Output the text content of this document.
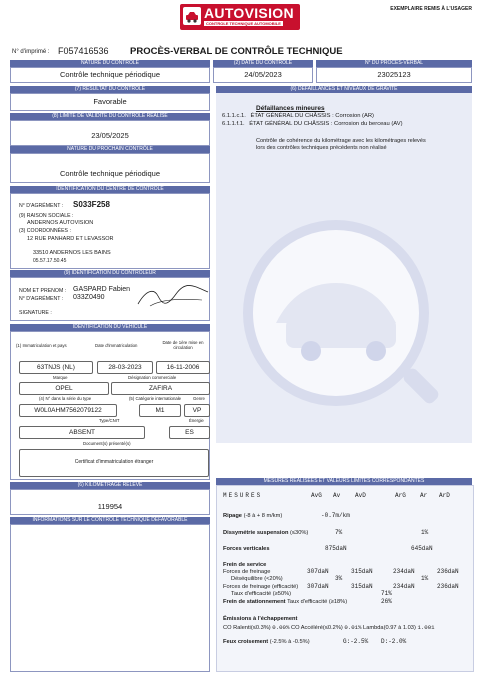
AUTOVISION
CONTROLE TECHNIQUE AUTOMOBILE
EXEMPLAIRE REMIS À L'USAGER
N° d'imprimé : F057416536 PROCÈS-VERBAL DE CONTRÔLE TECHNIQUE
NATURE DU CONTRÔLE
Contrôle technique périodique
(2) DATE DU CONTRÔLE
24/05/2023
N° DU PROCÈS-VERBAL
23025123
(7) RÉSULTAT DU CONTRÔLE
Favorable
(8) LIMITE DE VALIDITÉ DU CONTRÔLE RÉALISÉ
23/05/2025
NATURE DU PROCHAIN CONTRÔLE
Contrôle technique périodique
IDENTIFICATION DU CENTRE DE CONTRÔLE
N° D'AGRÉMENT : S033F258
(9) RAISON SOCIALE :
ANDERNOS AUTOVISION
(3) COORDONNÉES :
12 RUE PANHARD ET LEVASSOR
33510 ANDERNOS LES BAINS
05.57.17.50.45
(9) IDENTIFICATION DU CONTRÔLEUR
NOM ET PRENOM : GASPARD Fabien
N° D'AGRÉMENT : 033Z0490
SIGNATURE :
IDENTIFICATION DU VÉHICULE
(1) Immatriculation et pays	Date d'immatriculation
Date de 1ère mise en circulation
63TNJS (NL)	28-03-2023	16-11-2006
Marque	Désignation commerciale
OPEL	ZAFIRA
(4) N° dans la série du type	(5) Catégorie internationale	Genre
W0L0AHM7562079122	M1	VP
Type/CNIT	Énergie
ABSENT	ES
Document(s) présenté(s)
Certificat d'immatriculation étranger
(6) KILOMÉTRAGE RELEVÉ
119954
INFORMATIONS SUR LE CONTRÔLE TECHNIQUE DÉFAVORABLE
(6) DÉFAILLANCES ET NIVEAUX DE GRAVITÉ
Défaillances mineures
6.1.1.c.1. ÉTAT GÉNÉRAL DU CHÂSSIS : Corrosion (AR)
6.1.1.f.1. ÉTAT GÉNÉRAL DU CHÂSSIS : Corrosion du berceau (AV)
Contrôle de cohérence du kilométrage avec les kilométrages relevés lors des contrôles techniques précédents non réalisé
MESURES RÉALISÉES ET VALEURS LIMITES CORRESPONDANTES
MESURES	AvG Av AvD	ArG Ar ArD
Ripage (-8 à + 8 m/km)	-0.7m/km
Dissymétrie suspension (≤30%)	7%	1%
Forces verticales	875daN	645daN
Frein de service
Forces de freinage	307daN	315daN	234daN	236daN
Déséquilibre (<20%)	3%	1%
Forces de freinage (efficacité) 307daN	315daN	234daN	236daN
Taux d'efficacité (≥50%)	71%
Frein de stationnement Taux d'efficacité (≥18%)	26%
Émissions à l'échappement
CO Ralenti(≤0.3%) 0.00% CO Accéléré(≤0.2%) 0.01% Lambda(0.97 à 1.03) 1.001
Feux croisement (-2.5% à -0.5%)	G:-2.5% D:-2.0%
